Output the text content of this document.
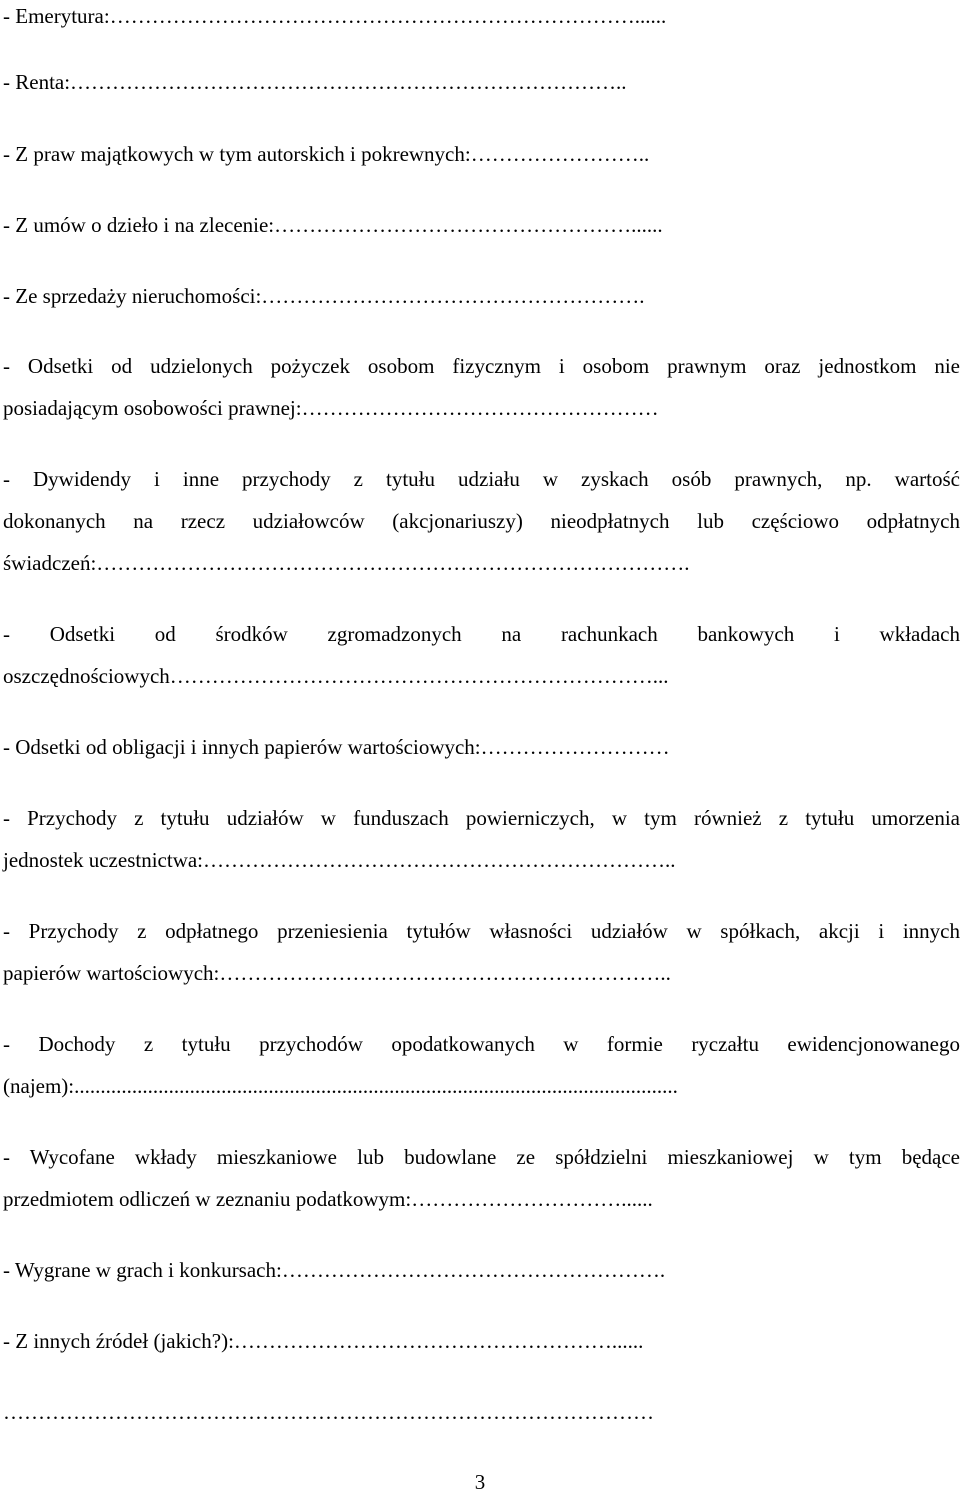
- Emerytura:…………………………………………………………………......
- Renta:……………………………………………………………………..
- Z praw majątkowych w tym autorskich i pokrewnych:……………………..
- Z umów o dzieło i na zlecenie:……………………………………………......
- Ze sprzedaży nieruchomości:……………………………………………….
- Odsetki od udzielonych pożyczek osobom fizycznym i osobom prawnym oraz jednostkom nie
posiadającym osobowości prawnej:……………………………………………
- Dywidendy i inne przychody z tytułu udziału w zyskach osób prawnych, np. wartość
dokonanych na rzecz udziałowców (akcjonariuszy) nieodpłatnych lub częściowo odpłatnych
świadczeń:………………………………………………………………………….
- Odsetki od środków zgromadzonych na rachunkach bankowych i wkładach
oszczędnościowych……………………………………………………………...
- Odsetki od obligacji i innych papierów wartościowych:………………………
- Przychody z tytułu udziałów w funduszach powierniczych, w tym również z tytułu umorzenia
jednostek uczestnictwa:…………………………………………………………..
- Przychody z odpłatnego przeniesienia tytułów własności udziałów w spółkach, akcji i innych
papierów wartościowych:………………………………………………………..
- Dochody z tytułu przychodów opodatkowanych w formie ryczałtu ewidencjonowanego
(najem):...................................................................................................................
- Wycofane wkłady mieszkaniowe lub budowlane ze spółdzielni mieszkaniowej w tym będące
przedmiotem odliczeń w zeznaniu podatkowym:…………………………......
- Wygrane w grach i konkursach:……………………………………………….
- Z innych źródeł (jakich?):………………………………………………......
…………………………………………………………………………………
3
